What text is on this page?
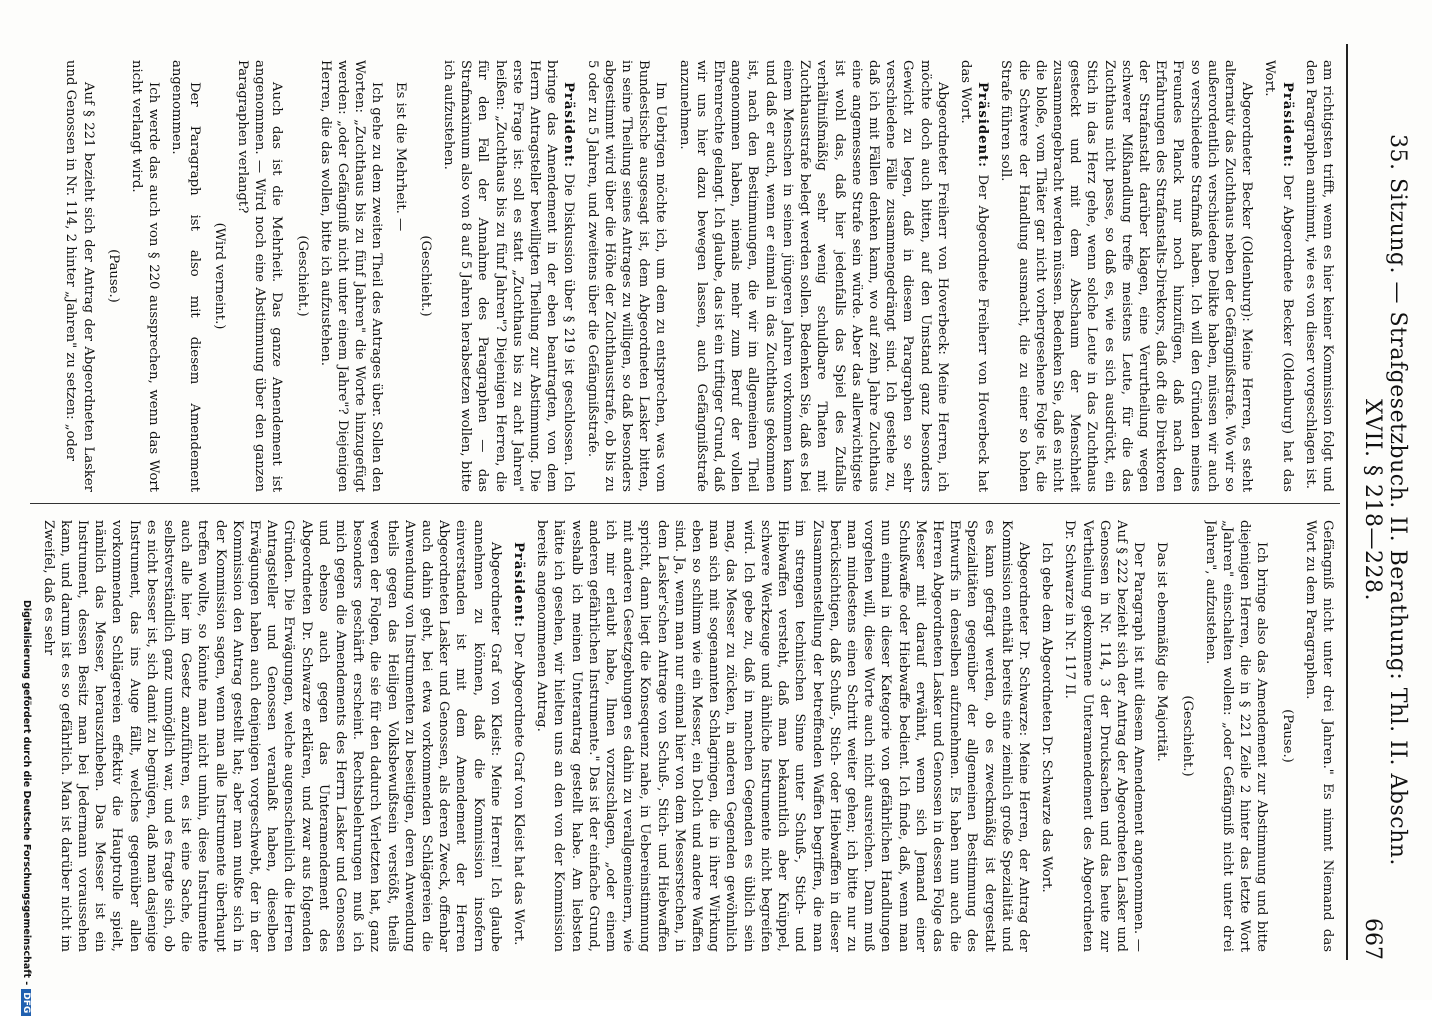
35. Sitzung. — Strafgesetzbuch. II. Berathung: Thl. II. Abschn. XVII. § 218—228.
667

am richtigsten trifft, wenn es hier keiner Kommission folgt und den Paragraphen annimmt, wie es von dieser vorgeschlagen ist.

Präsident: Der Abgeordnete Becker (Oldenburg) hat das Wort.

Abgeordneter Becker (Oldenburg): Meine Herren, es steht alternativ das Zuchthaus neben der Gefängnißstrafe. Wo wir so außerordentlich verschiedene Delikte haben, müssen wir auch so verschiedene Strafmaß haben. Ich will den Gründen meines Freundes Planck nur noch hinzufügen, daß nach den Erfahrungen des Strafanstalts-Direktors, daß oft die Direktoren der Strafanstalt darüber klagen, eine Verurtheilung wegen schwerer Mißhandlung treffe meistens Leute, für die das Zuchthaus nicht passe, so daß es, wie es sich ausdrückt, ein Stich in das Herz gehe, wenn solche Leute in das Zuchthaus gesteckt und mit dem Abschaum der Menschheit zusammengebracht werden müssen. Bedenken Sie, daß es nicht die bloße, vom Thäter gar nicht vorhergesehene Folge ist, die die Schwere der Handlung ausmacht, die zu einer so hohen Strafe führen soll.

Präsident: Der Abgeordnete Freiherr von Hoverbeck hat das Wort.

Abgeordneter Freiherr von Hoverbeck: Meine Herren, ich möchte doch auch bitten, auf den Umstand ganz besonders Gewicht zu legen, daß in diesem Paragraphen so sehr verschiedene Fälle zusammengedrängt sind. Ich gestehe zu, daß ich mit Fällen denken kann, wo auf zehn Jahre Zuchthaus eine angemessene Strafe sein würde. Aber das allerwichtigste ist wohl das, daß hier jedenfalls das Spiel des Zufalls verhältnißmäßig sehr wenig schuldbare Thaten mit Zuchthausstrafe belegt werden sollen. Bedenken Sie, daß es bei einem Menschen in seinen jüngeren Jahren vorkommen kann und daß er auch, wenn er einmal in das Zuchthaus gekommen ist, nach den Bestimmungen, die wir im allgemeinen Theil angenommen haben, niemals mehr zum Beruf der vollen Ehrenrechte gelangt. Ich glaube, das ist ein triftiger Grund, daß wir uns hier dazu bewegen lassen, auch Gefängnißstrafe anzunehmen.

Im Uebrigen möchte ich, um dem zu entsprechen, was vom Bundestische ausgesagt ist, dem Abgeordneten Lasker bitten, in seine Theilung seines Antrages zu willigen, so daß besonders abgestimmt wird über die Höhe der Zuchthausstrafe, ob bis zu 5 oder zu 5 Jahren, und zweitens über die Gefängnißstrafe.

Präsident: Die Diskussion über § 219 ist geschlossen. Ich bringe das Amendement in der eben beantragten, von dem Herrn Antragsteller bewilligten Theilung zur Abstimmung. Die erste Frage ist: soll es statt „Zuchthaus bis zu acht Jahren" heißen: „Zuchthaus bis zu fünf Jahren"? Diejenigen Herren, die für den Fall der Annahme des Paragraphen — das Strafmaximum also von 8 auf 5 Jahren herabsetzen wollen, bitte ich aufzustehen.

(Geschieht.)

Es ist die Mehrheit. —

Ich gehe zu dem zweiten Theil des Antrages über. Sollen den Worten: „Zuchthaus bis zu fünf Jahren" die Worte hinzugefügt werden: „oder Gefängniß nicht unter einem Jahre"? Diejenigen Herren, die das wollen, bitte ich aufzustehen.

(Geschieht.)

Auch das ist die Mehrheit. Das ganze Amendement ist angenommen. — Wird noch eine Abstimmung über den ganzen Paragraphen verlangt?

(Wird verneint.)

Der Paragraph ist also mit diesem Amendement angenommen.

Ich werde das auch von § 220 aussprechen, wenn das Wort nicht verlangt wird.

(Pause.)

Auf § 221 bezieht sich der Antrag der Abgeordneten Lasker und Genossen in Nr. 114, 2 hinter „Jahren" zu setzen: „oder

Gefängniß nicht unter drei Jahren." Es nimmt Niemand das Wort zu dem Paragraphen.

(Pause.)

Ich bringe also das Amendement zur Abstimmung und bitte diejenigen Herren, die in § 221 Zeile 2 hinter das letzte Wort „Jahren" einschalten wollen: „oder Gefängniß nicht unter drei Jahren", aufzustehen.

(Geschieht.)

Das ist ebenmäßig die Majorität.

Der Paragraph ist mit diesem Amendement angenommen. — Auf § 222 bezieht sich der Antrag der Abgeordneten Lasker und Genossen in Nr. 114, 3 der Drucksachen und das heute zur Vertheilung gekommene Unteramendement des Abgeordneten Dr. Schwarze in Nr. 117 II.

Ich gebe dem Abgeordneten Dr. Schwarze das Wort.

Abgeordneter Dr. Schwarze: Meine Herren, der Antrag der Kommission enthält bereits eine ziemlich große Spezialität und es kann gefragt werden, ob es zweckmäßig ist dergestalt Spezialitäten gegenüber der allgemeinen Bestimmung des Entwurfs in denselben aufzunehmen. Es haben nun auch die Herren Abgeordneten Lasker und Genossen in dessen Folge das Messer mit darauf erwähnt, wenn sich Jemand einer Schußwaffe oder Hiebwaffe bedient. Ich finde, daß, wenn man nun einmal in dieser Kategorie von gefährlichen Handlungen vorgehen will, diese Worte auch nicht ausreichen. Dann muß man mindestens einen Schritt weiter gehen; ich bitte nur zu berücksichtigen, daß Schuß-, Stich- oder Hiebwaffen in dieser Zusammenstellung der betreffenden Waffen begriffen, die man im strengen technischen Sinne unter Schuß-, Stich- und Hiebwaffen versteht, daß man bekanntlich aber Knüppel, schwere Werkzeuge und ähnliche Instrumente nicht begreifen wird. Ich gebe zu, daß in manchen Gegenden es üblich sein mag, das Messer zu zücken, in anderen Gegenden gewöhnlich man sich mit sogenannten Schlagringen, die in ihrer Wirkung eben so schlimm wie ein Messer, ein Dolch und andere Waffen sind. Ja, wenn man nur einmal hier von dem Messerstechen, in dem Lasker'schen Antrage von Schuß-, Stich- und Hiebwaffen spricht, dann liegt die Konsequenz nahe, in Uebereinstimmung mit anderen Gesetzgebungen es dahin zu verallgemeinern, wie ich mir erlaubt habe, Ihnen vorzuschlagen, „oder einem anderen gefährlichen Instrumente." Das ist der einfache Grund, weshalb ich meinen Unterantrag gestellt habe. Am liebsten hätte ich gesehen, wir hielten uns an den von der Kommission bereits angenommenen Antrag.

Präsident: Der Abgeordnete Graf von Kleist hat das Wort.

Abgeordneter Graf von Kleist: Meine Herren! Ich glaube annehmen zu können, daß die Kommission insofern einverstanden ist mit dem Amendement der Herren Abgeordneten Lasker und Genossen, als deren Zweck, offenbar auch dahin geht, bei etwa vorkommenden Schlägereien die Anwendung von Instrumenten zu beseitigen, deren Anwendung theils gegen das Heiligen Volksbewußtsein verstößt, theils wegen der Folgen, die sie für den dadurch Verletzten hat, ganz besonders geschärft erscheint. Rechtsbelehrungen muß ich mich gegen die Amendements des Herrn Lasker und Genossen und ebenso auch gegen das Unteramendement des Abgeordneten Dr. Schwarze erklären, und zwar aus folgenden Gründen. Die Erwägungen, welche augenscheinlich die Herren Antragsteller und Genossen veranlaßt haben, dieselben Erwägungen haben auch denjenigen vorgeschwebt, der in der Kommission den Antrag gestellt hat; aber man mußte sich in der Kommission sagen, wenn man alle Instrumente überhaupt treffen wollte, so könnte man nicht umhin, diese Instrumente auch alle hier im Gesetz anzuführen, es ist eine Sache, die selbstverständlich ganz unmöglich war, und es fragte sich, ob es nicht besser ist, sich damit zu begnügen, daß man dasjenige Instrument, das ins Auge fällt, welches gegenüber allen vorkommenden Schlägereien effektiv die Hauptrolle spielt, nämlich das Messer, herauszuheben. Das Messer ist ein Instrument, dessen Besitz man bei Jedermann voraussehen kann, und darum ist es so gefährlich. Man ist darüber nicht im Zweifel, daß es sehr

Digitalisierung gefördert durch die Deutsche Forschungsgemeinschaft -DFG
